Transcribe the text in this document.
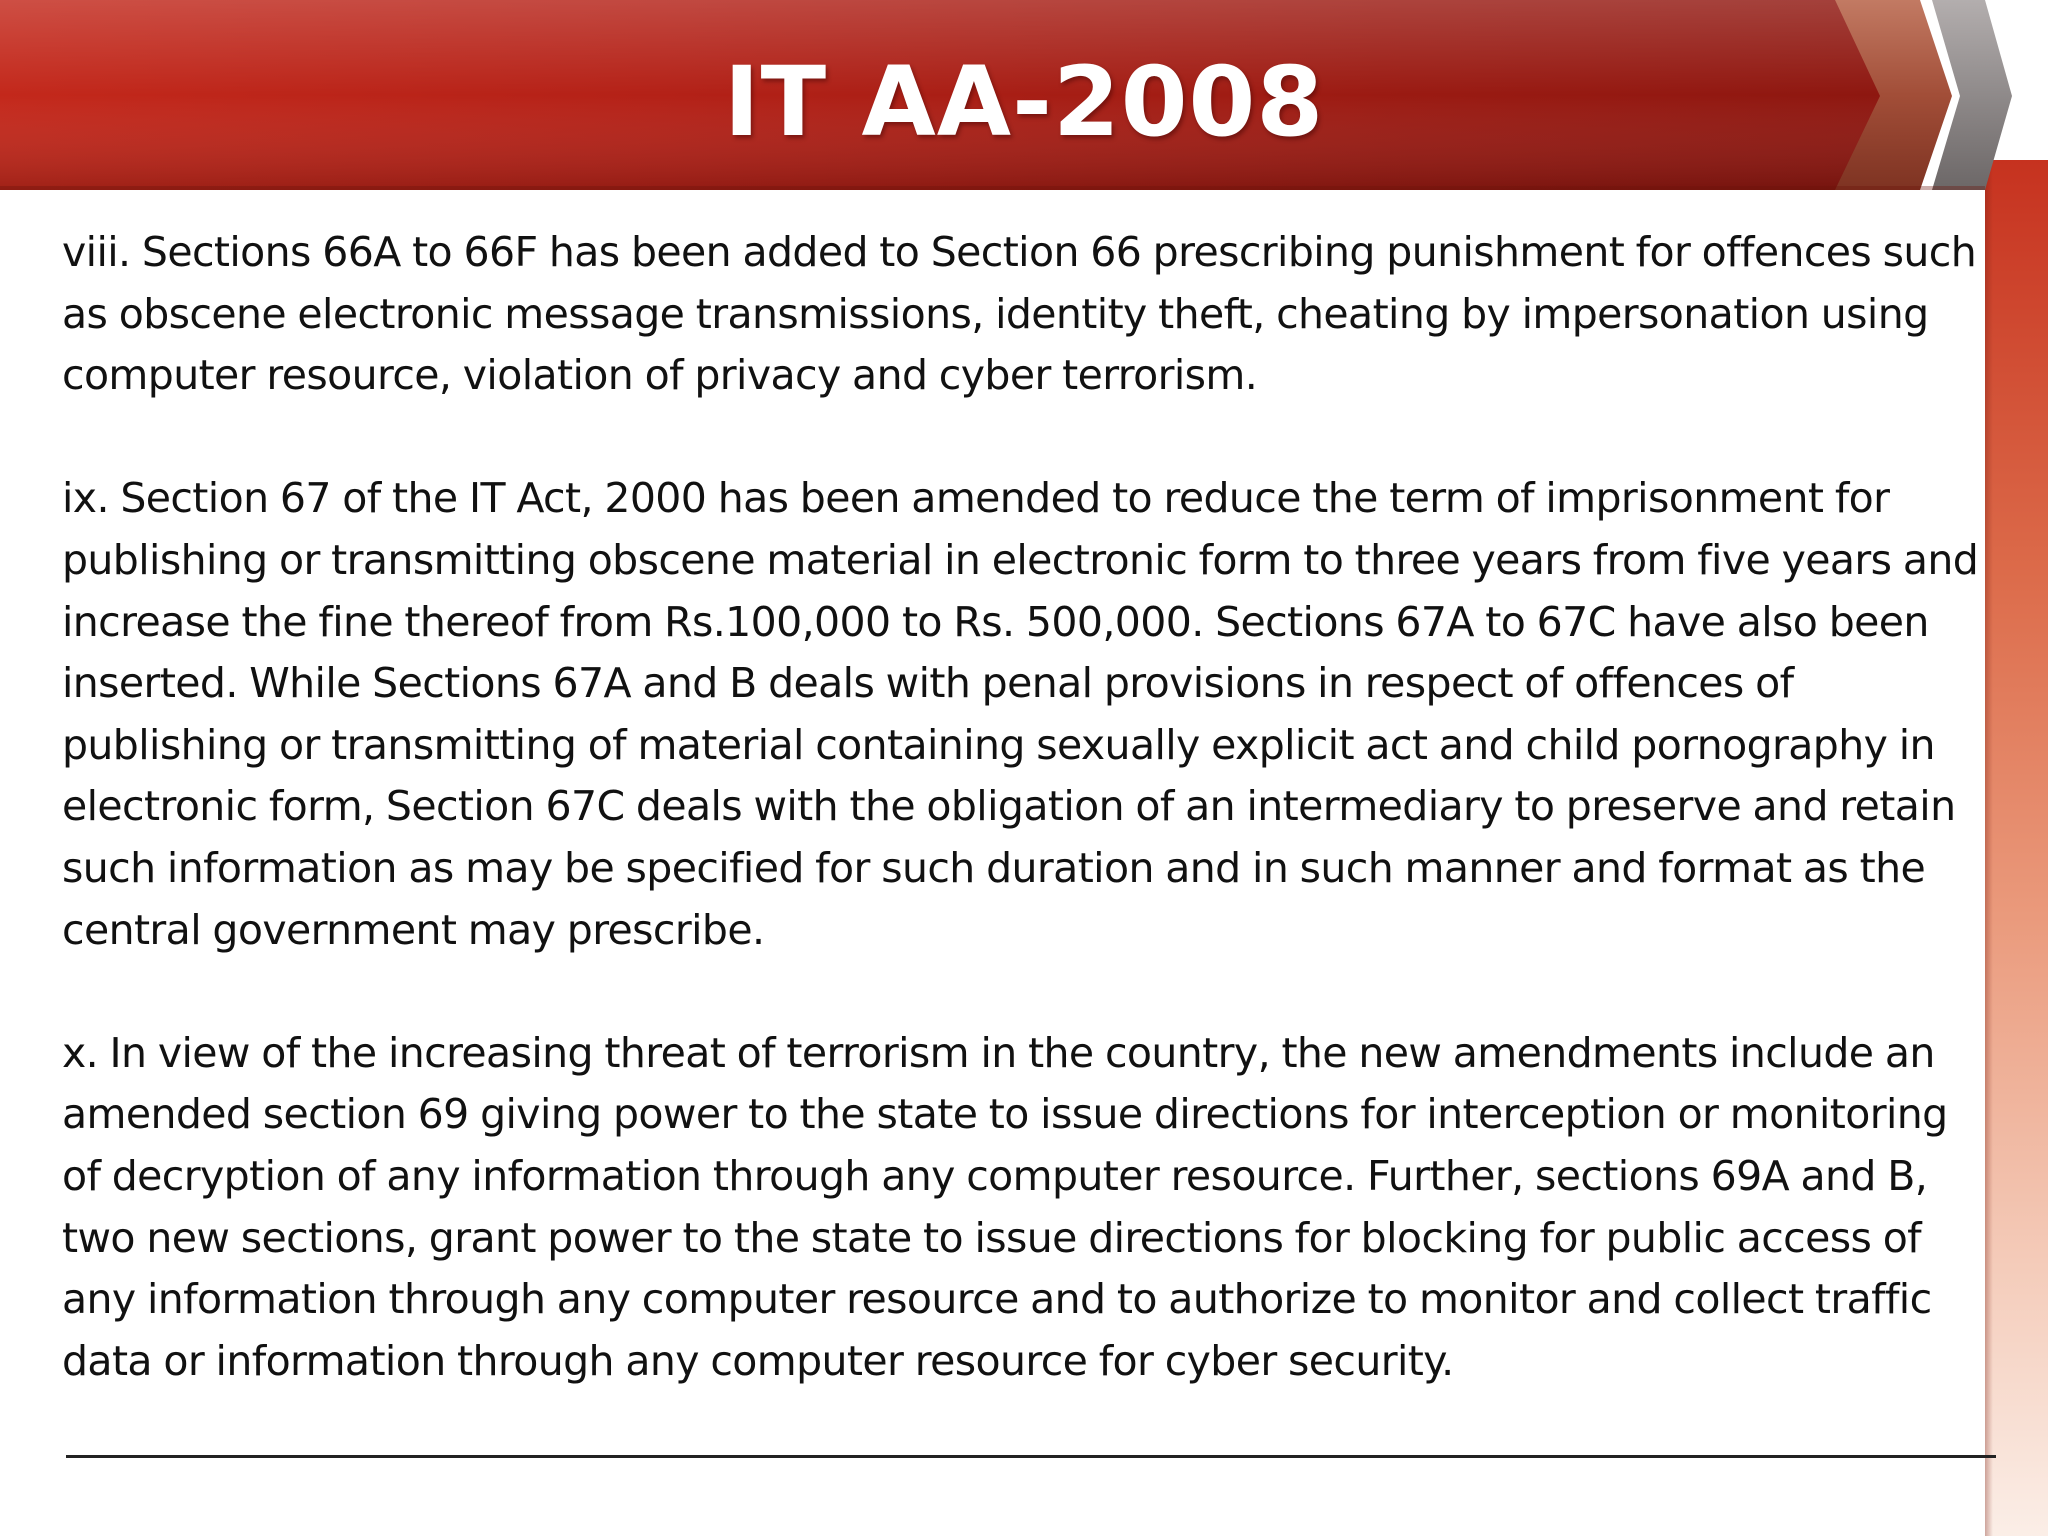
IT AA-2008

viii. Sections 66A to 66F has been added to Section 66 prescribing punishment for offences such as obscene electronic message transmissions, identity theft, cheating by impersonation using computer resource, violation of privacy and cyber terrorism.

ix. Section 67 of the IT Act, 2000 has been amended to reduce the term of imprisonment for publishing or transmitting obscene material in electronic form to three years from five years and increase the fine thereof from Rs.100,000 to Rs. 500,000. Sections 67A to 67C have also been inserted. While Sections 67A and B deals with penal provisions in respect of offences of publishing or transmitting of material containing sexually explicit act and child pornography in electronic form, Section 67C deals with the obligation of an intermediary to preserve and retain such information as may be specified for such duration and in such manner and format as the central government may prescribe.

x. In view of the increasing threat of terrorism in the country, the new amendments include an amended section 69 giving power to the state to issue directions for interception or monitoring of decryption of any information through any computer resource. Further, sections 69A and B, two new sections, grant power to the state to issue directions for blocking for public access of any information through any computer resource and to authorize to monitor and collect traffic data or information through any computer resource for cyber security.
